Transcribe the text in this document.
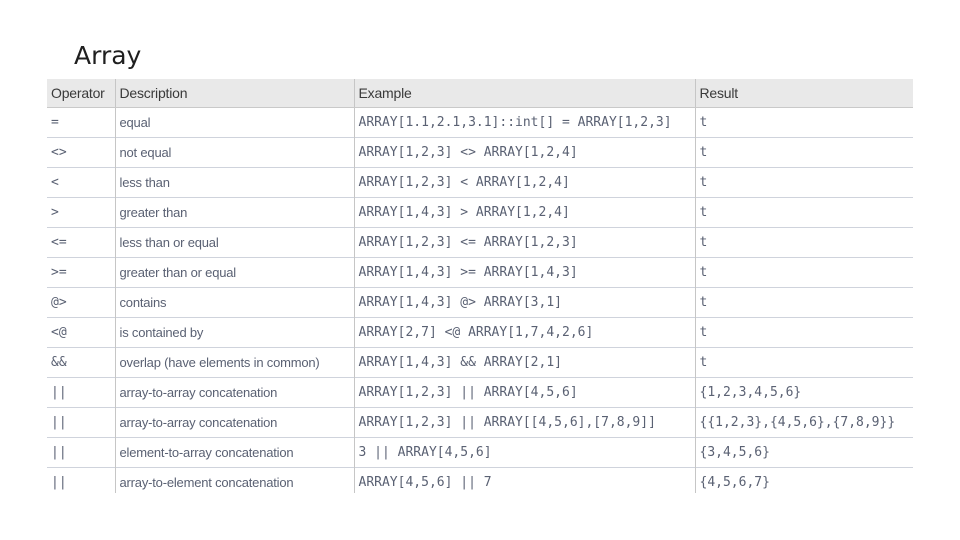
Array
Operator	Description	Example	Result
=	equal	ARRAY[1.1,2.1,3.1]::int[] = ARRAY[1,2,3]	t
<>	not equal	ARRAY[1,2,3] <> ARRAY[1,2,4]	t
<	less than	ARRAY[1,2,3] < ARRAY[1,2,4]	t
>	greater than	ARRAY[1,4,3] > ARRAY[1,2,4]	t
<=	less than or equal	ARRAY[1,2,3] <= ARRAY[1,2,3]	t
>=	greater than or equal	ARRAY[1,4,3] >= ARRAY[1,4,3]	t
@>	contains	ARRAY[1,4,3] @> ARRAY[3,1]	t
<@	is contained by	ARRAY[2,7] <@ ARRAY[1,7,4,2,6]	t
&&	overlap (have elements in common)	ARRAY[1,4,3] && ARRAY[2,1]	t
||	array-to-array concatenation	ARRAY[1,2,3] || ARRAY[4,5,6]	{1,2,3,4,5,6}
||	array-to-array concatenation	ARRAY[1,2,3] || ARRAY[[4,5,6],[7,8,9]]	{{1,2,3},{4,5,6},{7,8,9}}
||	element-to-array concatenation	3 || ARRAY[4,5,6]	{3,4,5,6}
||	array-to-element concatenation	ARRAY[4,5,6] || 7	{4,5,6,7}
